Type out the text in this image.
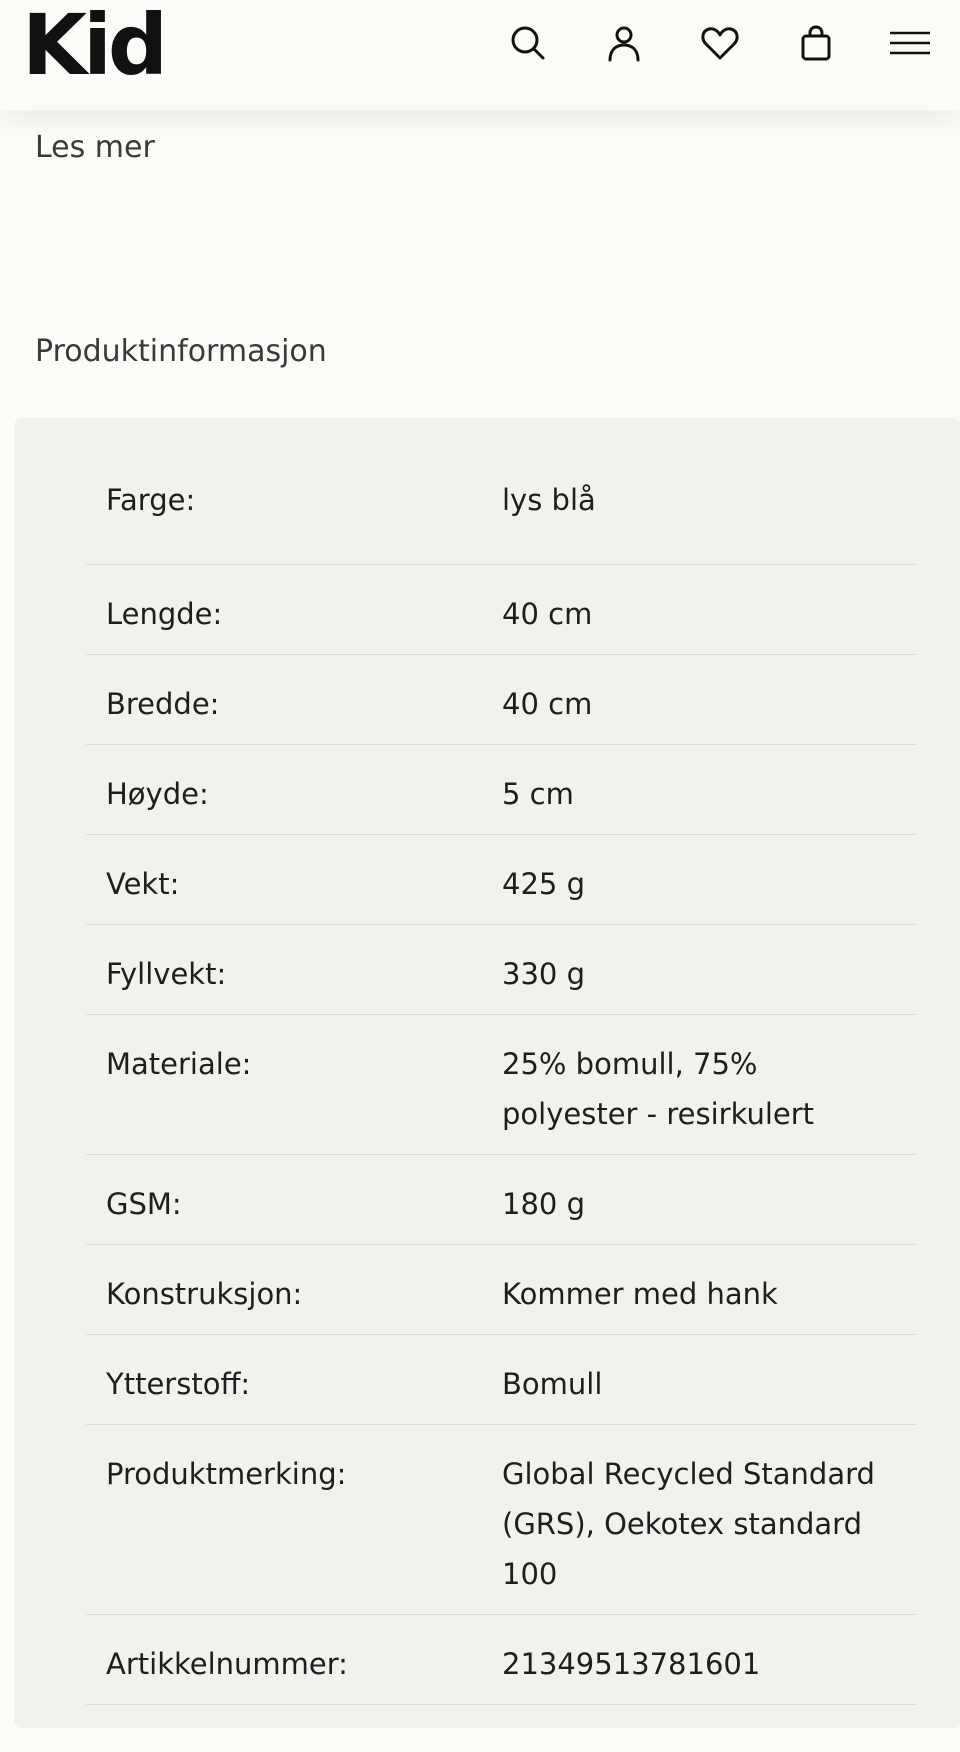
Kid
Les mer
Produktinformasjon
Farge:	lys blå
Lengde:	40 cm
Bredde:	40 cm
Høyde:	5 cm
Vekt:	425 g
Fyllvekt:	330 g
Materiale:	25% bomull, 75%
polyester - resirkulert
GSM:	180 g
Konstruksjon:	Kommer med hank
Ytterstoff:	Bomull
Produktmerking:	Global Recycled Standard
(GRS), Oekotex standard
100
Artikkelnummer:	21349513781601
